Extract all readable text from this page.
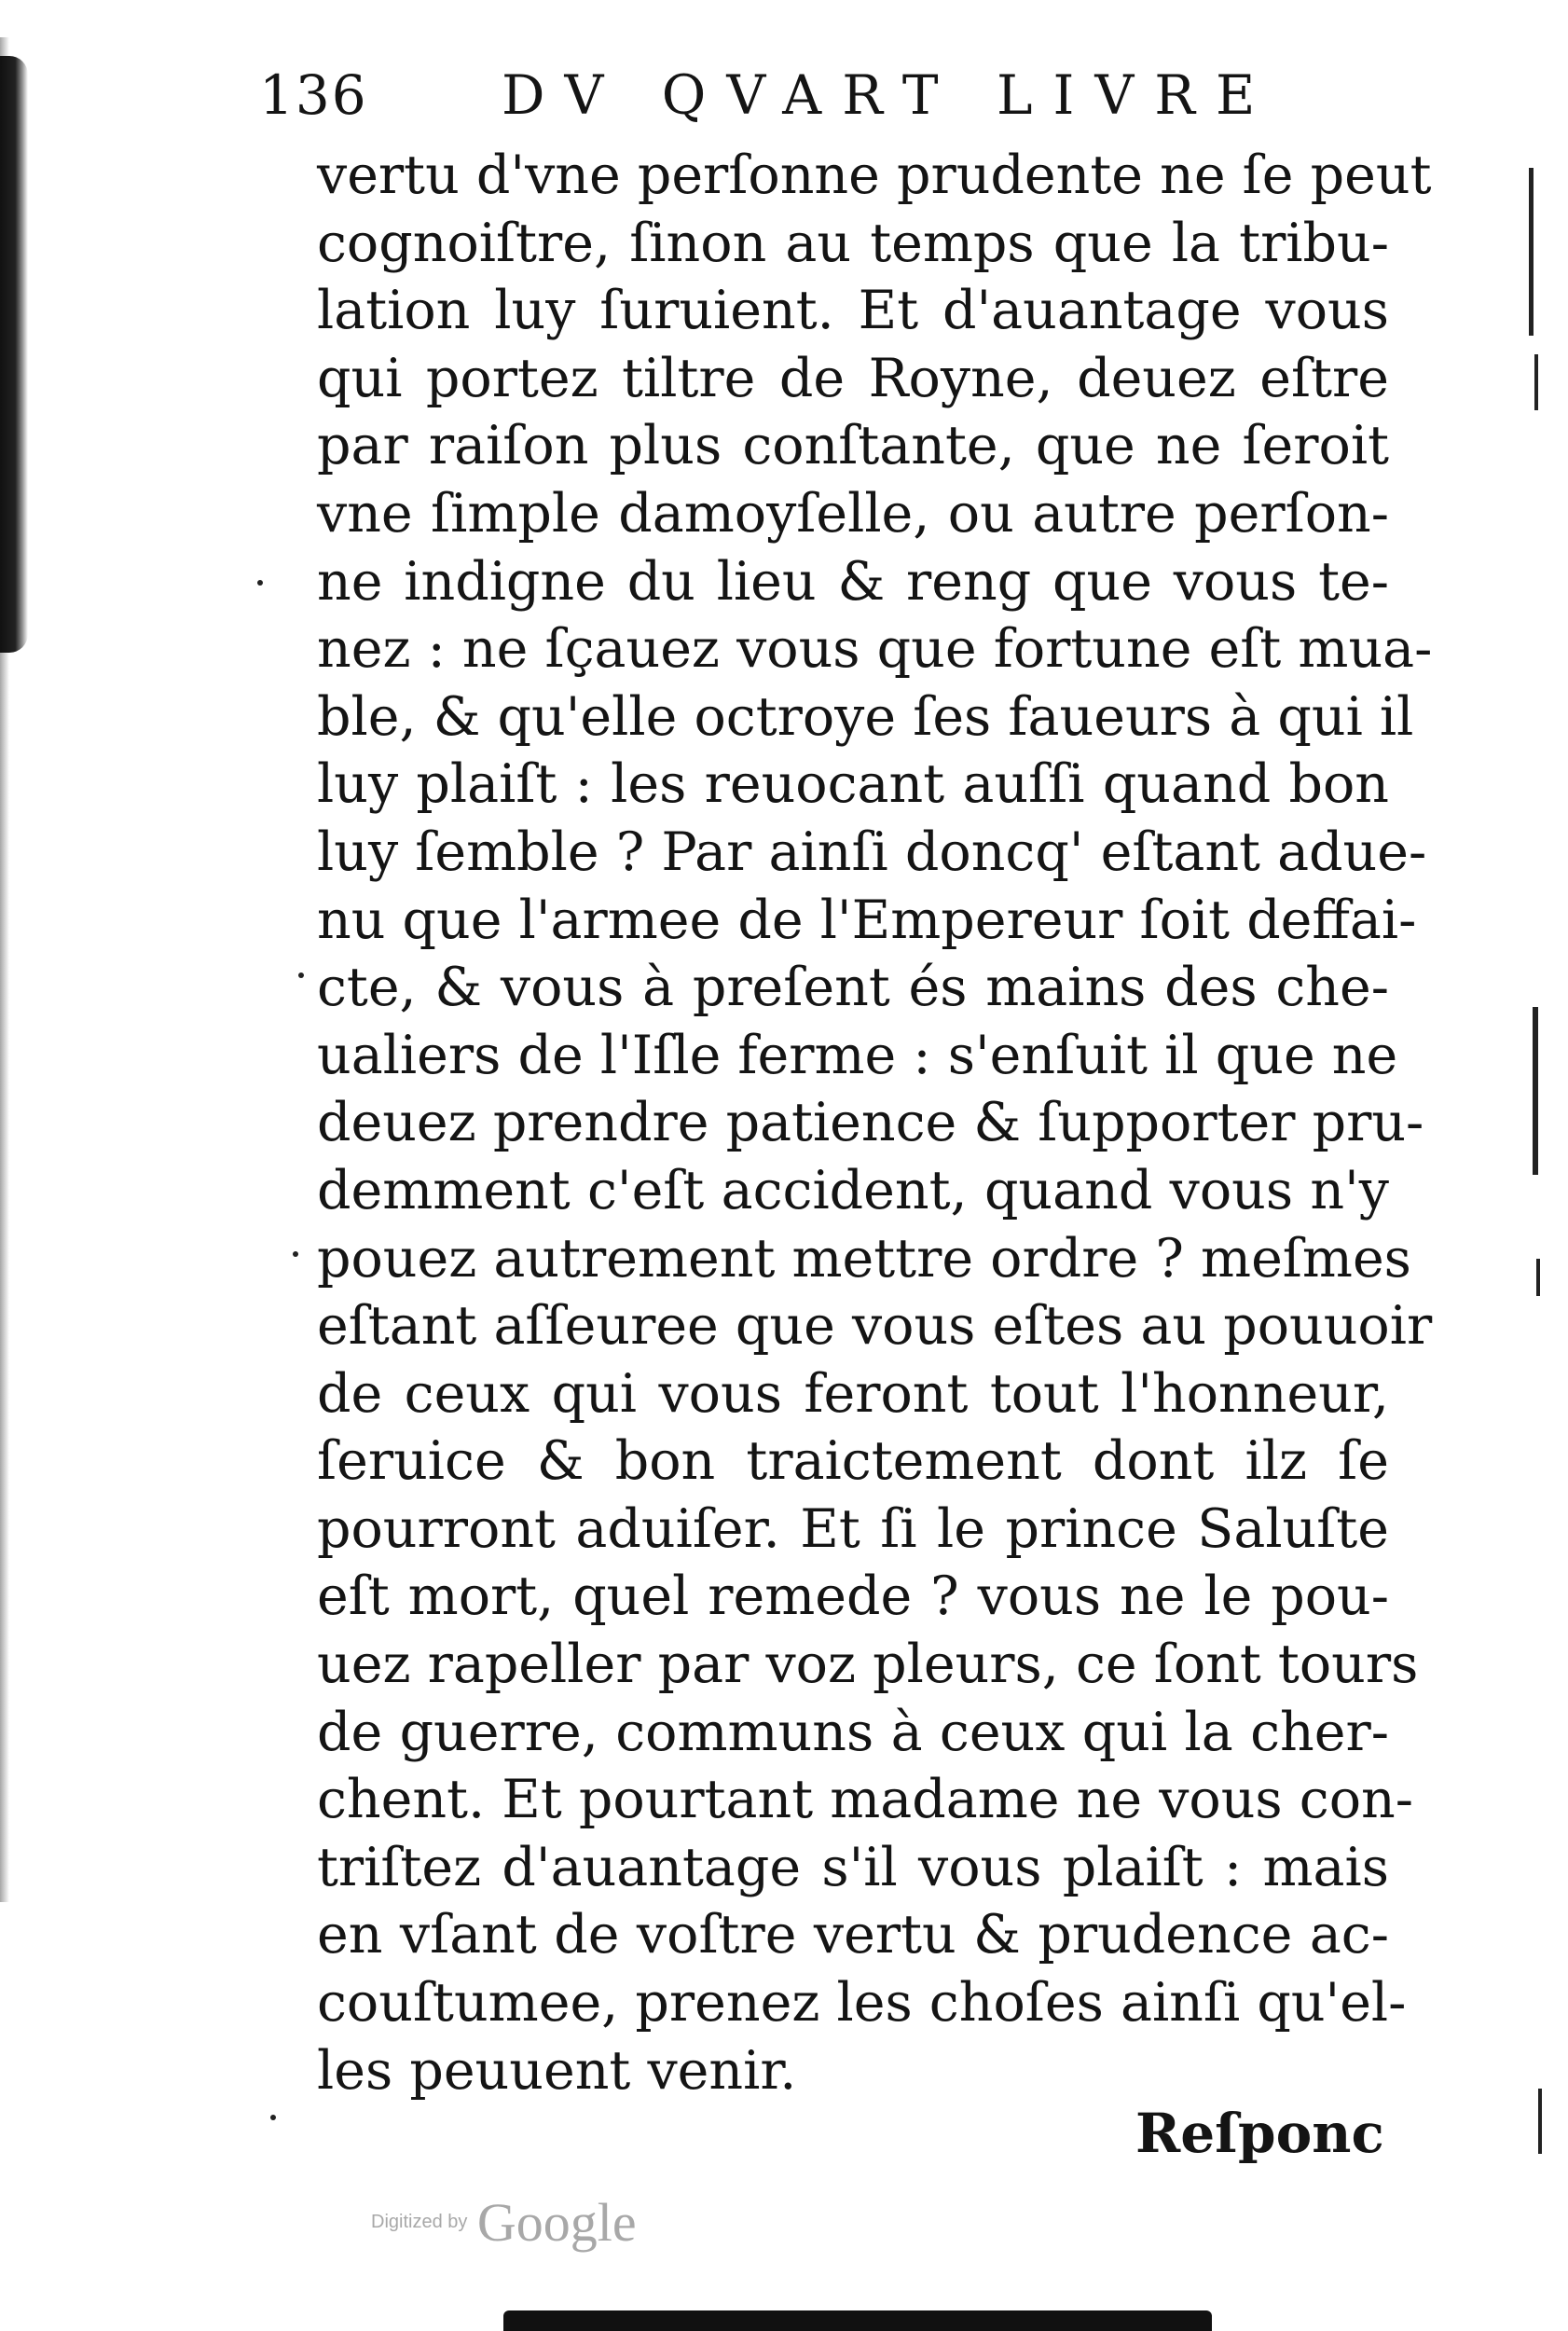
136 DV QVART LIVRE
vertu d'vne perſonne prudente ne ſe peut
cognoiſtre, ſinon au temps que la tribu-
lation luy ſuruient. Et d'auantage vous
qui portez tiltre de Royne, deuez eſtre
par raiſon plus conſtante, que ne ſeroit
vne ſimple damoyſelle, ou autre perſon-
ne indigne du lieu & reng que vous te-
nez : ne ſçauez vous que fortune eſt mua-
ble, & qu'elle octroye ſes faueurs à qui il
luy plaiſt : les reuocant auſſi quand bon
luy ſemble ? Par ainſi doncq' eſtant adue-
nu que l'armee de l'Empereur ſoit deffai-
cte, & vous à preſent és mains des che-
ualiers de l'Iſle ferme : s'enſuit il que ne
deuez prendre patience & ſupporter pru-
demment c'eſt accident, quand vous n'y
pouez autrement mettre ordre ? meſmes
eſtant aſſeuree que vous eſtes au pouuoir
de ceux qui vous feront tout l'honneur,
ſeruice & bon traictement dont ilz ſe
pourront aduiſer. Et ſi le prince Saluſte
eſt mort, quel remede ? vous ne le pou-
uez rapeller par voz pleurs, ce ſont tours
de guerre, communs à ceux qui la cher-
chent. Et pourtant madame ne vous con-
triſtez d'auantage s'il vous plaiſt : mais
en vſant de voſtre vertu & prudence ac-
couſtumee, prenez les choſes ainſi qu'el-
les peuuent venir.
Reſponc
Digitized by Google
